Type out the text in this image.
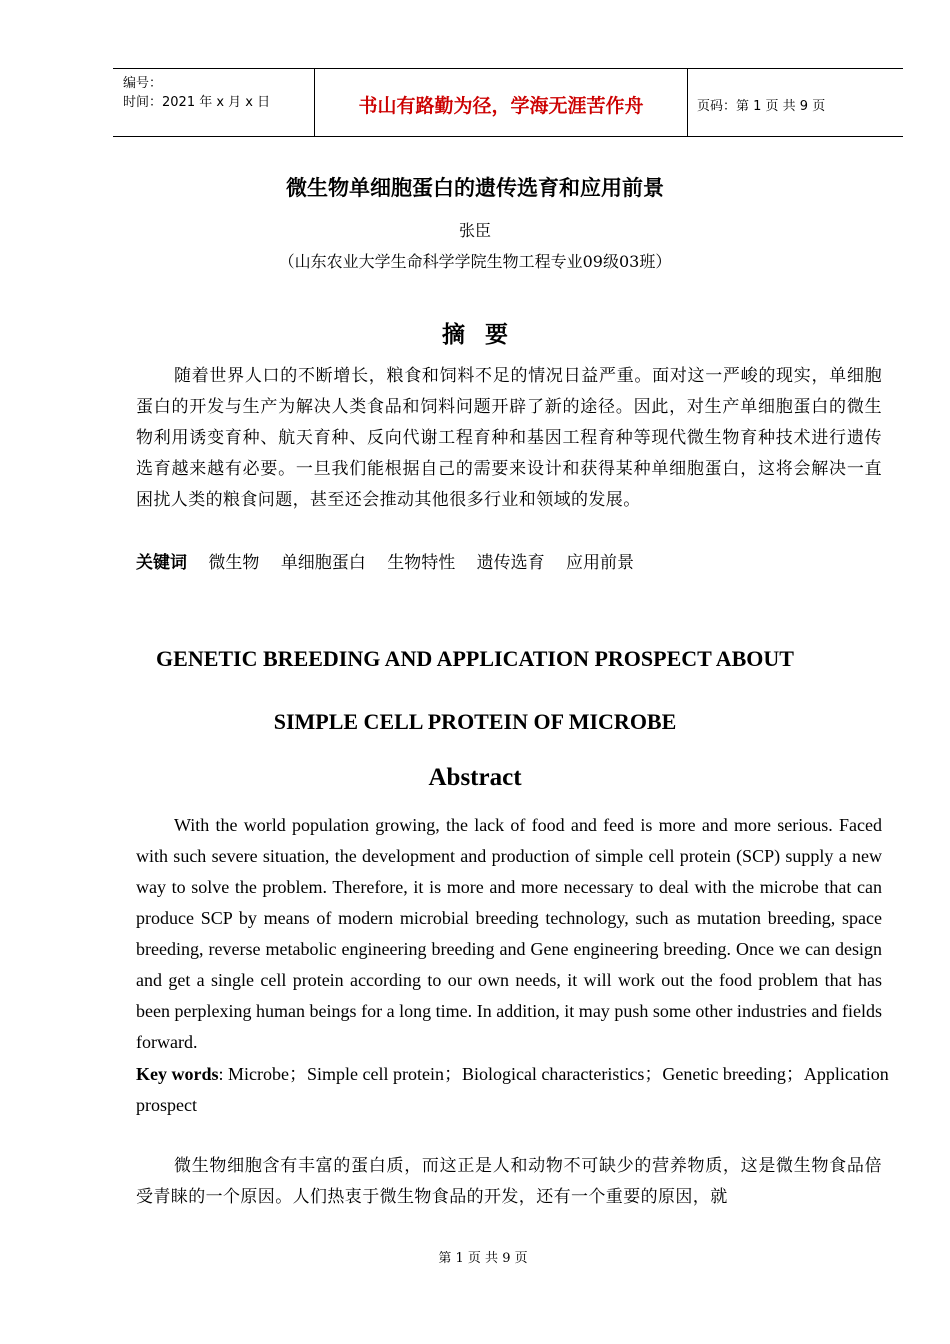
编号：
时间：2021 年 x 月 x 日	书山有路勤为径，学海无涯苦作舟	页码：第 1 页 共 9 页
微生物单细胞蛋白的遗传选育和应用前景
张臣
（山东农业大学生命科学学院生物工程专业09级03班）
摘要
随着世界人口的不断增长，粮食和饲料不足的情况日益严重。面对这一严峻的现实，单细胞蛋白的开发与生产为解决人类食品和饲料问题开辟了新的途径。因此，对生产单细胞蛋白的微生物利用诱变育种、航天育种、反向代谢工程育种和基因工程育种等现代微生物育种技术进行遗传选育越来越有必要。一旦我们能根据自己的需要来设计和获得某种单细胞蛋白，这将会解决一直困扰人类的粮食问题，甚至还会推动其他很多行业和领域的发展。
关键词 微生物 单细胞蛋白 生物特性 遗传选育 应用前景
GENETIC BREEDING AND APPLICATION PROSPECT ABOUT
SIMPLE CELL PROTEIN OF MICROBE
Abstract
With the world population growing, the lack of food and feed is more and more serious. Faced with such severe situation, the development and production of simple cell protein (SCP) supply a new way to solve the problem. Therefore, it is more and more necessary to deal with the microbe that can produce SCP by means of modern microbial breeding technology, such as mutation breeding, space breeding, reverse metabolic engineering breeding and Gene engineering breeding. Once we can design and get a single cell protein according to our own needs, it will work out the food problem that has been perplexing human beings for a long time. In addition, it may push some other industries and fields forward.
Key words: Microbe；Simple cell protein；Biological characteristics；Genetic breeding；Application prospect
微生物细胞含有丰富的蛋白质，而这正是人和动物不可缺少的营养物质，这是微生物食品倍受青睐的一个原因。人们热衷于微生物食品的开发，还有一个重要的原因，就
第 1 页 共 9 页
